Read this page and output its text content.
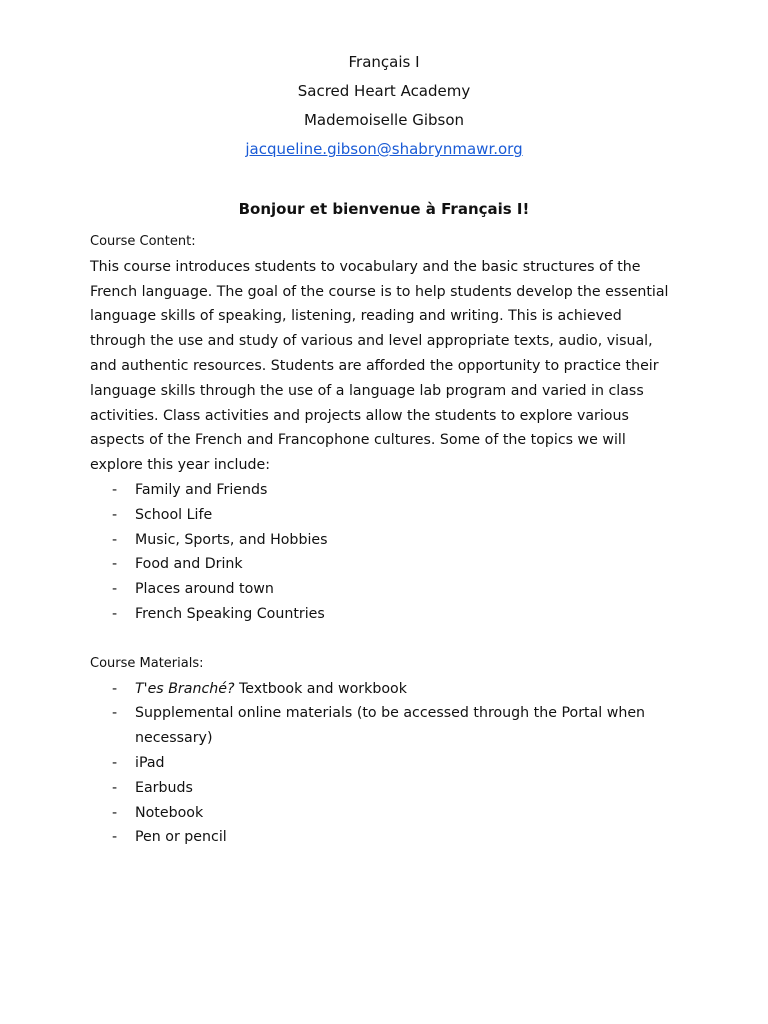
Français I
Sacred Heart Academy
Mademoiselle Gibson
jacqueline.gibson@shabrynmawr.org
Bonjour et bienvenue à Français I!
Course Content:

This course introduces students to vocabulary and the basic structures of the French language. The goal of the course is to help students develop the essential language skills of speaking, listening, reading and writing. This is achieved through the use and study of various and level appropriate texts, audio, visual, and authentic resources. Students are afforded the opportunity to practice their language skills through the use of a language lab program and varied in class activities. Class activities and projects allow the students to explore various aspects of the French and Francophone cultures. Some of the topics we will explore this year include:

- Family and Friends
- School Life
- Music, Sports, and Hobbies
- Food and Drink
- Places around town
- French Speaking Countries
Course Materials:
- T'es Branché? Textbook and workbook
- Supplemental online materials (to be accessed through the Portal when necessary)
- iPad
- Earbuds
- Notebook
- Pen or pencil
